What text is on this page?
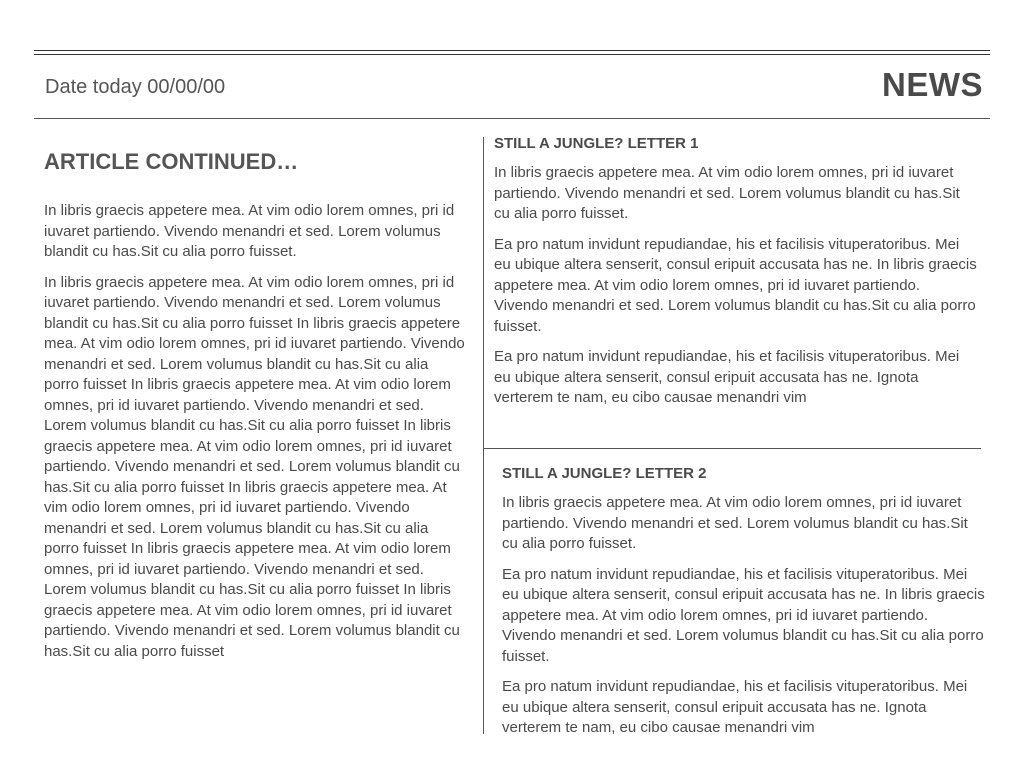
Date today 00/00/00	NEWS
ARTICLE CONTINUED…

In libris graecis appetere mea. At vim odio lorem omnes, pri id iuvaret partiendo. Vivendo menandri et sed. Lorem volumus blandit cu has.Sit cu alia porro fuisset.

In libris graecis appetere mea. At vim odio lorem omnes, pri id iuvaret partiendo. Vivendo menandri et sed. Lorem volumus blandit cu has.Sit cu alia porro fuisset In libris graecis appetere mea. At vim odio lorem omnes, pri id iuvaret partiendo. Vivendo menandri et sed. Lorem volumus blandit cu has.Sit cu alia porro fuisset In libris graecis appetere mea. At vim odio lorem omnes, pri id iuvaret partiendo. Vivendo menandri et sed. Lorem volumus blandit cu has.Sit cu alia porro fuisset In libris graecis appetere mea. At vim odio lorem omnes, pri id iuvaret partiendo. Vivendo menandri et sed. Lorem volumus blandit cu has.Sit cu alia porro fuisset In libris graecis appetere mea. At vim odio lorem omnes, pri id iuvaret partiendo. Vivendo menandri et sed. Lorem volumus blandit cu has.Sit cu alia porro fuisset In libris graecis appetere mea. At vim odio lorem omnes, pri id iuvaret partiendo. Vivendo menandri et sed. Lorem volumus blandit cu has.Sit cu alia porro fuisset In libris graecis appetere mea. At vim odio lorem omnes, pri id iuvaret partiendo. Vivendo menandri et sed. Lorem volumus blandit cu has.Sit cu alia porro fuisset

STILL A JUNGLE? LETTER 1

In libris graecis appetere mea. At vim odio lorem omnes, pri id iuvaret partiendo. Vivendo menandri et sed. Lorem volumus blandit cu has.Sit cu alia porro fuisset.

Ea pro natum invidunt repudiandae, his et facilisis vituperatoribus. Mei eu ubique altera senserit, consul eripuit accusata has ne. In libris graecis appetere mea. At vim odio lorem omnes, pri id iuvaret partiendo. Vivendo menandri et sed. Lorem volumus blandit cu has.Sit cu alia porro fuisset.

Ea pro natum invidunt repudiandae, his et facilisis vituperatoribus. Mei eu ubique altera senserit, consul eripuit accusata has ne. Ignota verterem te nam, eu cibo causae menandri vim

STILL A JUNGLE? LETTER 2

In libris graecis appetere mea. At vim odio lorem omnes, pri id iuvaret partiendo. Vivendo menandri et sed. Lorem volumus blandit cu has.Sit cu alia porro fuisset.

Ea pro natum invidunt repudiandae, his et facilisis vituperatoribus. Mei eu ubique altera senserit, consul eripuit accusata has ne. In libris graecis appetere mea. At vim odio lorem omnes, pri id iuvaret partiendo. Vivendo menandri et sed. Lorem volumus blandit cu has.Sit cu alia porro fuisset.

Ea pro natum invidunt repudiandae, his et facilisis vituperatoribus. Mei eu ubique altera senserit, consul eripuit accusata has ne. Ignota verterem te nam, eu cibo causae menandri vim
